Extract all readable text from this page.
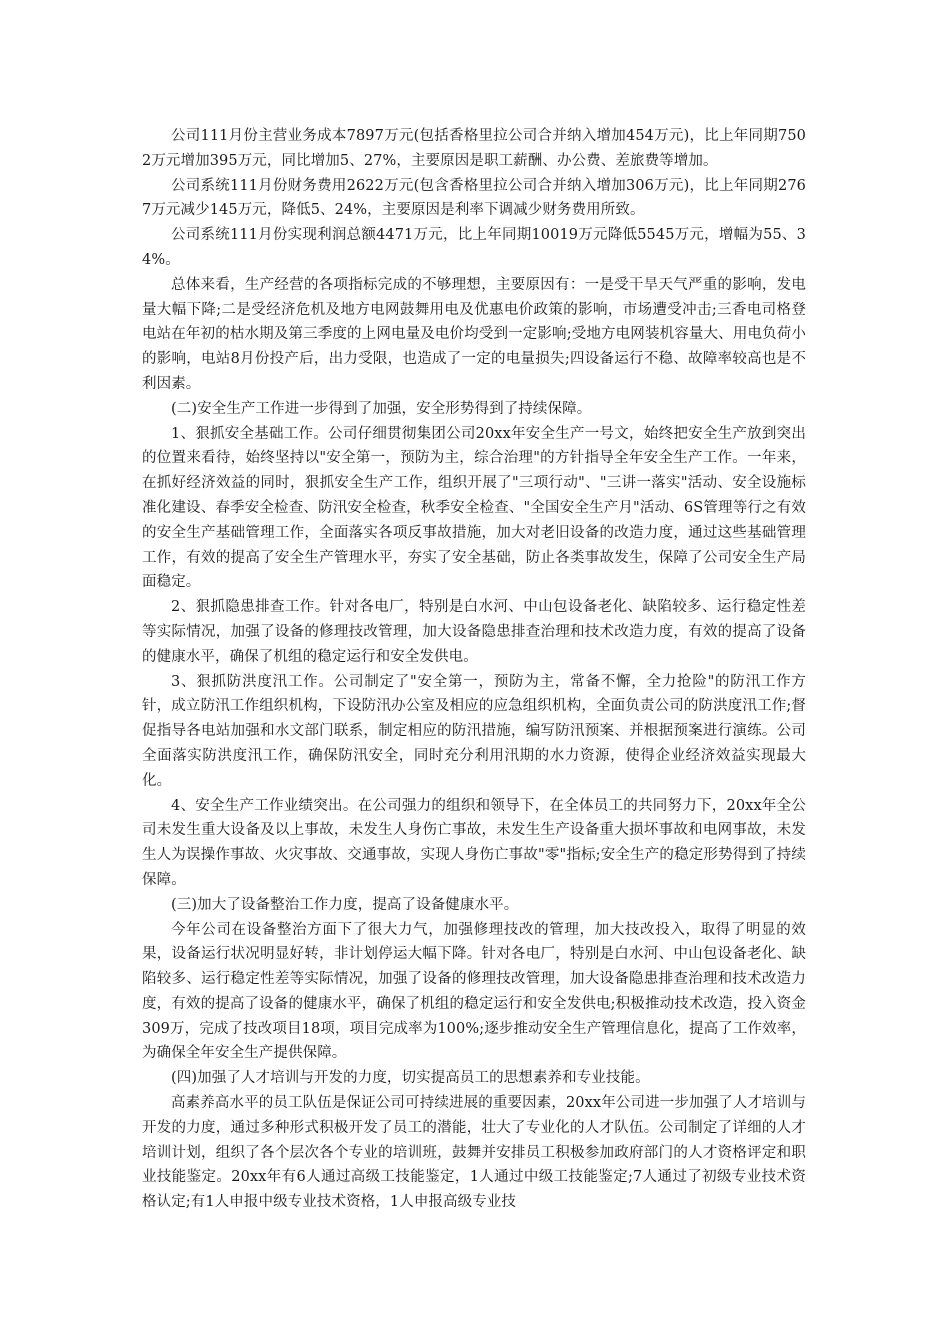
公司111月份主营业务成本7897万元(包括香格里拉公司合并纳入增加454万元)，比上年同期7502万元增加395万元，同比增加5、27%，主要原因是职工薪酬、办公费、差旅费等增加。

公司系统111月份财务费用2622万元(包含香格里拉公司合并纳入增加306万元)，比上年同期2767万元减少145万元，降低5、24%，主要原因是利率下调减少财务费用所致。

公司系统111月份实现利润总额4471万元，比上年同期10019万元降低5545万元，增幅为55、34%。

总体来看，生产经营的各项指标完成的不够理想，主要原因有：一是受干旱天气严重的影响，发电量大幅下降;二是受经济危机及地方电网鼓舞用电及优惠电价政策的影响，市场遭受冲击;三香电司格登电站在年初的枯水期及第三季度的上网电量及电价均受到一定影响;受地方电网装机容量大、用电负荷小的影响，电站8月份投产后，出力受限，也造成了一定的电量损失;四设备运行不稳、故障率较高也是不利因素。

(二)安全生产工作进一步得到了加强，安全形势得到了持续保障。

1、狠抓安全基础工作。公司仔细贯彻集团公司20xx年安全生产一号文，始终把安全生产放到突出的位置来看待，始终坚持以"安全第一，预防为主，综合治理"的方针指导全年安全生产工作。一年来，在抓好经济效益的同时，狠抓安全生产工作，组织开展了"三项行动"、"三讲一落实"活动、安全设施标准化建设、春季安全检查、防汛安全检查，秋季安全检查、"全国安全生产月"活动、6S管理等行之有效的安全生产基础管理工作，全面落实各项反事故措施，加大对老旧设备的改造力度，通过这些基础管理工作，有效的提高了安全生产管理水平，夯实了安全基础，防止各类事故发生，保障了公司安全生产局面稳定。

2、狠抓隐患排查工作。针对各电厂，特别是白水河、中山包设备老化、缺陷较多、运行稳定性差等实际情况，加强了设备的修理技改管理，加大设备隐患排查治理和技术改造力度，有效的提高了设备的健康水平，确保了机组的稳定运行和安全发供电。

3、狠抓防洪度汛工作。公司制定了"安全第一，预防为主，常备不懈，全力抢险"的防汛工作方针，成立防汛工作组织机构，下设防汛办公室及相应的应急组织机构，全面负责公司的防洪度汛工作;督促指导各电站加强和水文部门联系，制定相应的防汛措施，编写防汛预案、并根据预案进行演练。公司全面落实防洪度汛工作，确保防汛安全，同时充分利用汛期的水力资源，使得企业经济效益实现最大化。

4、安全生产工作业绩突出。在公司强力的组织和领导下，在全体员工的共同努力下，20xx年全公司未发生重大设备及以上事故，未发生人身伤亡事故，未发生生产设备重大损坏事故和电网事故，未发生人为误操作事故、火灾事故、交通事故，实现人身伤亡事故"零"指标;安全生产的稳定形势得到了持续保障。

(三)加大了设备整治工作力度，提高了设备健康水平。

今年公司在设备整治方面下了很大力气，加强修理技改的管理，加大技改投入，取得了明显的效果，设备运行状况明显好转，非计划停运大幅下降。针对各电厂，特别是白水河、中山包设备老化、缺陷较多、运行稳定性差等实际情况，加强了设备的修理技改管理，加大设备隐患排查治理和技术改造力度，有效的提高了设备的健康水平，确保了机组的稳定运行和安全发供电;积极推动技术改造，投入资金309万，完成了技改项目18项，项目完成率为100%;逐步推动安全生产管理信息化，提高了工作效率，为确保全年安全生产提供保障。

(四)加强了人才培训与开发的力度，切实提高员工的思想素养和专业技能。

高素养高水平的员工队伍是保证公司可持续进展的重要因素，20xx年公司进一步加强了人才培训与开发的力度，通过多种形式积极开发了员工的潜能，壮大了专业化的人才队伍。公司制定了详细的人才培训计划，组织了各个层次各个专业的培训班，鼓舞并安排员工积极参加政府部门的人才资格评定和职业技能鉴定。20xx年有6人通过高级工技能鉴定，1人通过中级工技能鉴定;7人通过了初级专业技术资格认定;有1人申报中级专业技术资格，1人申报高级专业技
